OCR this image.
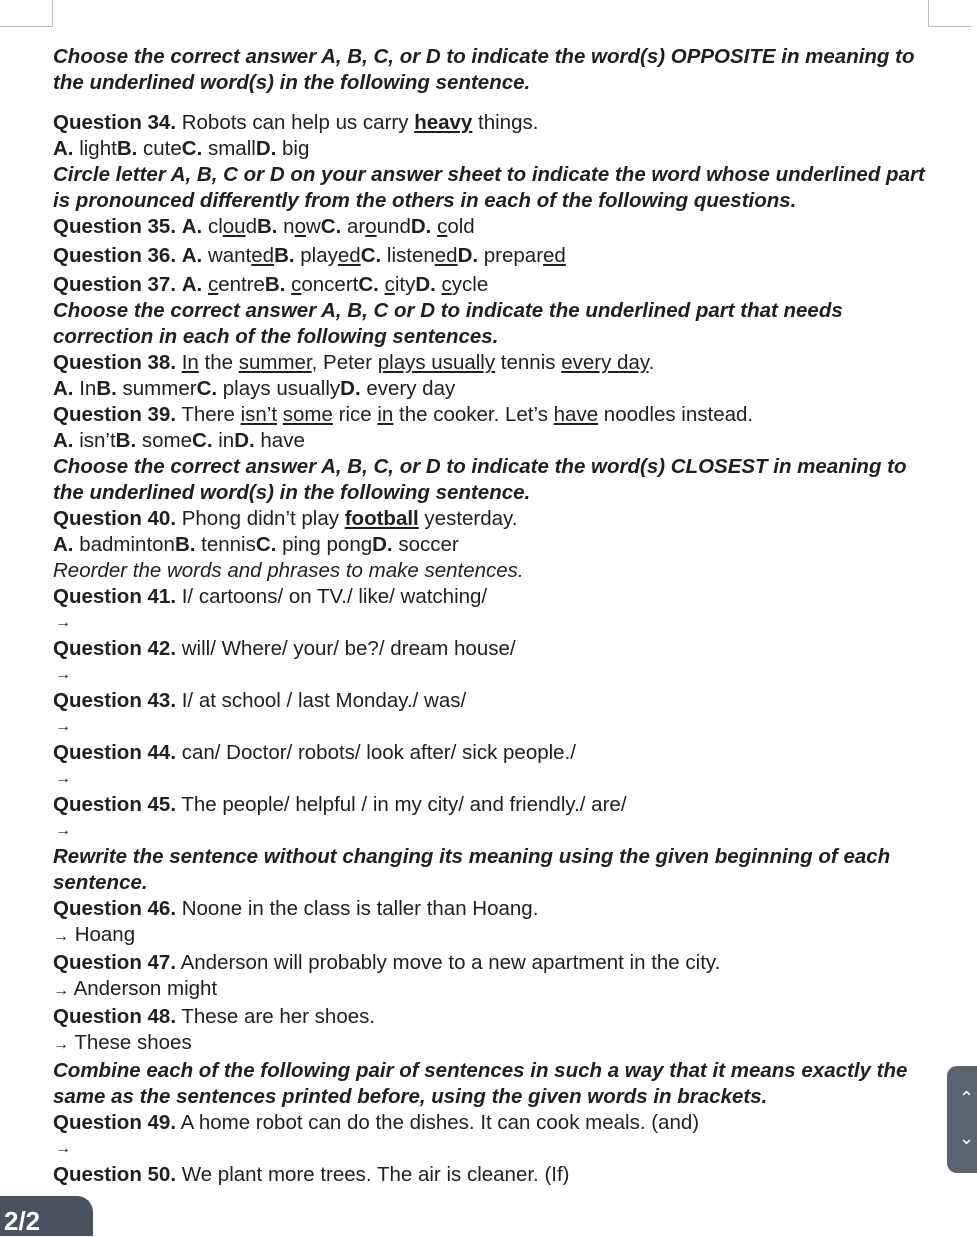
Choose the correct answer A, B, C, or D to indicate the word(s) OPPOSITE in meaning to the underlined word(s) in the following sentence.

Question 34. Robots can help us carry heavy things.

A. lightB. cuteC. smallD. big

Circle letter A, B, C or D on your answer sheet to indicate the word whose underlined part is pronounced differently from the others in each of the following questions.

Question 35. A. cloudB. nowC. aroundD. cold

Question 36. A. wantedB. playedC. listenedD. prepared

Question 37. A. centreB. concertC. cityD. cycle

Choose the correct answer A, B, C or D to indicate the underlined part that needs correction in each of the following sentences.

Question 38. In the summer, Peter plays usually tennis every day.

A. InB. summerC. plays usuallyD. every day

Question 39. There isn’t some rice in the cooker. Let’s have noodles instead.

A. isn’tB. someC. inD. have

Choose the correct answer A, B, C, or D to indicate the word(s) CLOSEST in meaning to the underlined word(s) in the following sentence.

Question 40. Phong didn’t play football yesterday.

A. badmintonB. tennisC. ping pongD. soccer

Reorder the words and phrases to make sentences.

Question 41. I/ cartoons/ on TV./ like/ watching/

→

Question 42. will/ Where/ your/ be?/ dream house/

→

Question 43. I/ at school / last Monday./ was/

→

Question 44. can/ Doctor/ robots/ look after/ sick people./

→

Question 45. The people/ helpful / in my city/ and friendly./ are/

→

Rewrite the sentence without changing its meaning using the given beginning of each sentence.

Question 46. Noone in the class is taller than Hoang.

→ Hoang

Question 47. Anderson will probably move to a new apartment in the city.

→ Anderson might

Question 48. These are her shoes.

→ These shoes

Combine each of the following pair of sentences in such a way that it means exactly the same as the sentences printed before, using the given words in brackets.

Question 49. A home robot can do the dishes. It can cook meals. (and)

→

Question 50. We plant more trees. The air is cleaner. (If)

⌃
⌄
2/2
